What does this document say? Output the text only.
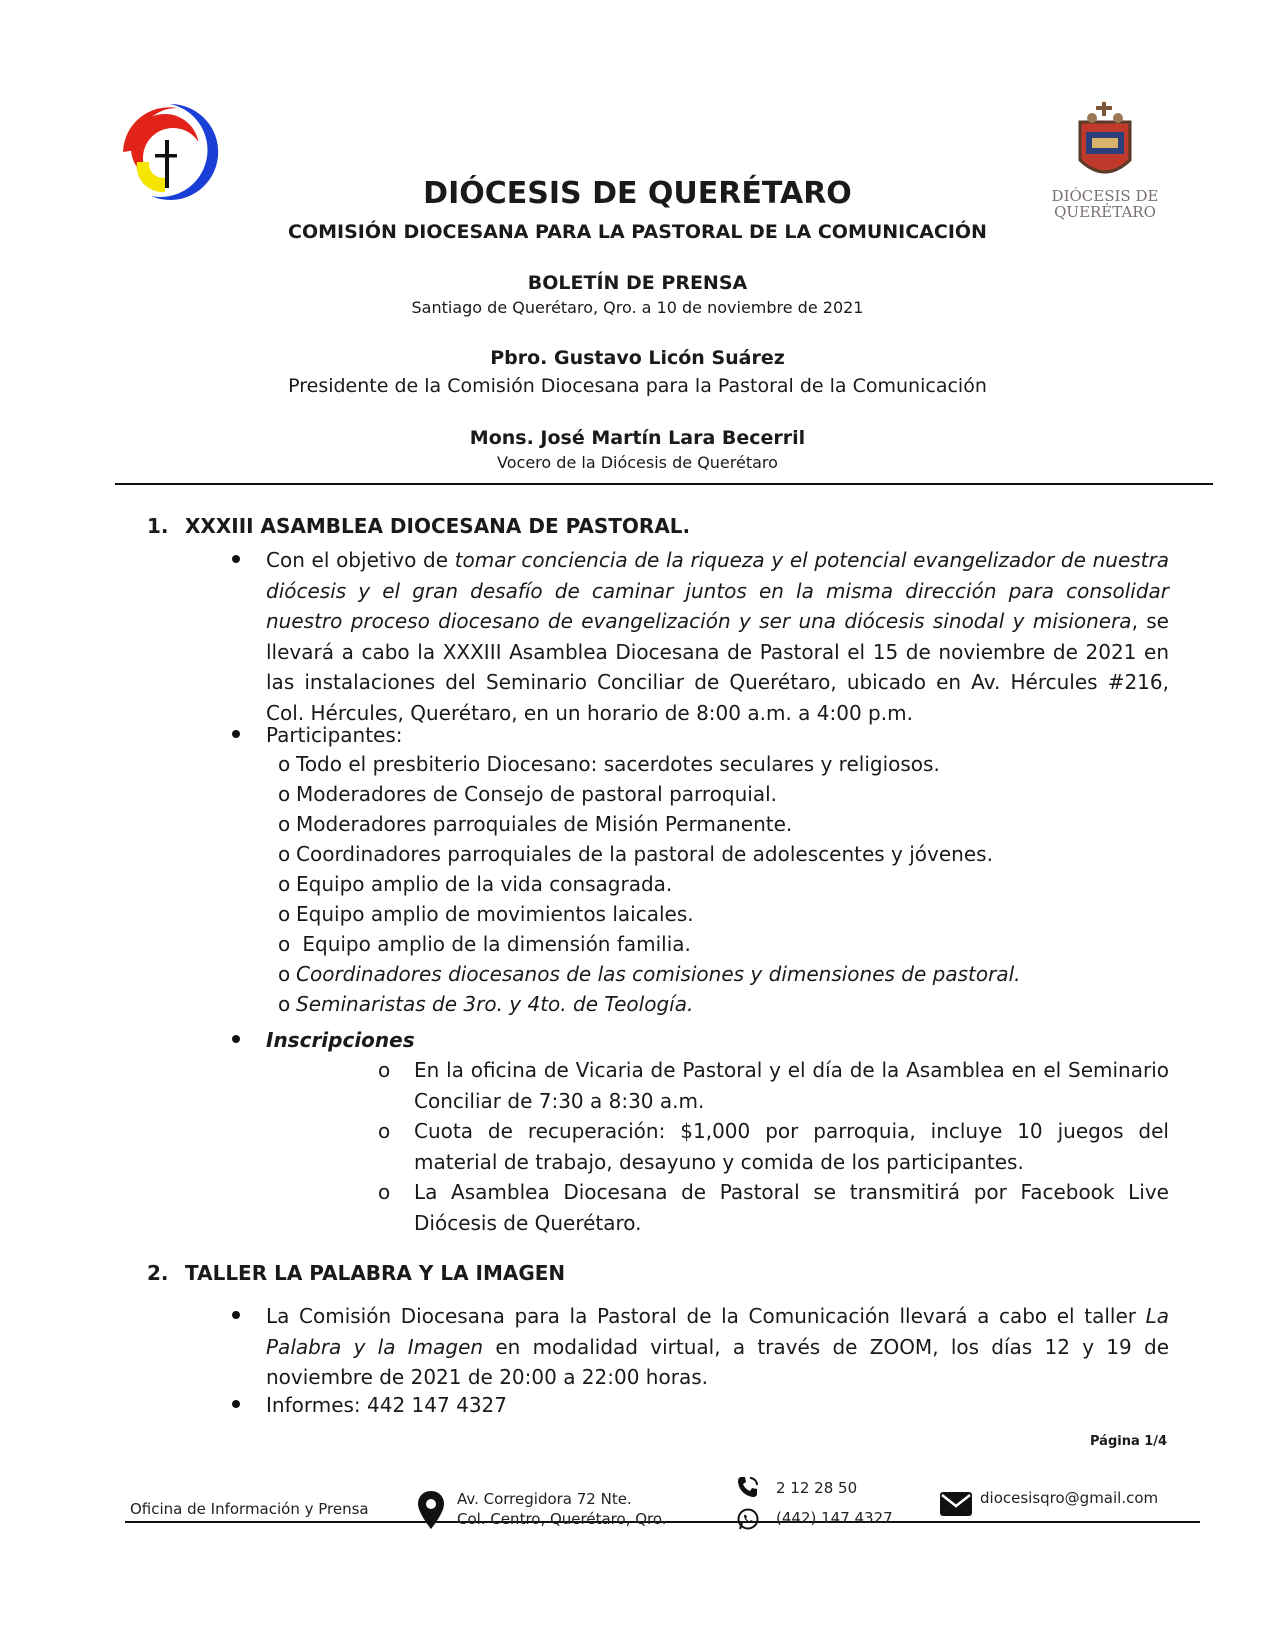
DIÓCESIS DE
QUERÉTARO
DIÓCESIS DE QUERÉTARO
COMISIÓN DIOCESANA PARA LA PASTORAL DE LA COMUNICACIÓN
BOLETÍN DE PRENSA
Santiago de Querétaro, Qro. a 10 de noviembre de 2021
Pbro. Gustavo Licón Suárez
Presidente de la Comisión Diocesana para la Pastoral de la Comunicación
Mons. José Martín Lara Becerril
Vocero de la Diócesis de Querétaro
1. XXXIII ASAMBLEA DIOCESANA DE PASTORAL.
Con el objetivo de tomar conciencia de la riqueza y el potencial evangelizador de nuestra diócesis y el gran desafío de caminar juntos en la misma dirección para consolidar nuestro proceso diocesano de evangelización y ser una diócesis sinodal y misionera, se llevará a cabo la XXXIII Asamblea Diocesana de Pastoral el 15 de noviembre de 2021 en las instalaciones del Seminario Conciliar de Querétaro, ubicado en Av. Hércules #216, Col. Hércules, Querétaro, en un horario de 8:00 a.m. a 4:00 p.m.
Participantes:
o Todo el presbiterio Diocesano: sacerdotes seculares y religiosos.
o Moderadores de Consejo de pastoral parroquial.
o Moderadores parroquiales de Misión Permanente.
o Coordinadores parroquiales de la pastoral de adolescentes y jóvenes.
o Equipo amplio de la vida consagrada.
o Equipo amplio de movimientos laicales.
o Equipo amplio de la dimensión familia.
o Coordinadores diocesanos de las comisiones y dimensiones de pastoral.
o Seminaristas de 3ro. y 4to. de Teología.
Inscripciones
o	En la oficina de Vicaria de Pastoral y el día de la Asamblea en el Seminario Conciliar de 7:30 a 8:30 a.m.
o	Cuota de recuperación: $1,000 por parroquia, incluye 10 juegos del material de trabajo, desayuno y comida de los participantes.
o	La Asamblea Diocesana de Pastoral se transmitirá por Facebook Live Diócesis de Querétaro.
2. TALLER LA PALABRA Y LA IMAGEN
La Comisión Diocesana para la Pastoral de la Comunicación llevará a cabo el taller La Palabra y la Imagen en modalidad virtual, a través de ZOOM, los días 12 y 19 de noviembre de 2021 de 20:00 a 22:00 horas.
Informes: 442 147 4327
Página 1/4
Oficina de Información y Prensa
Av. Corregidora 72 Nte.
Col. Centro, Querétaro, Qro.
2 12 28 50
(442) 147 4327
diocesisqro@gmail.com
